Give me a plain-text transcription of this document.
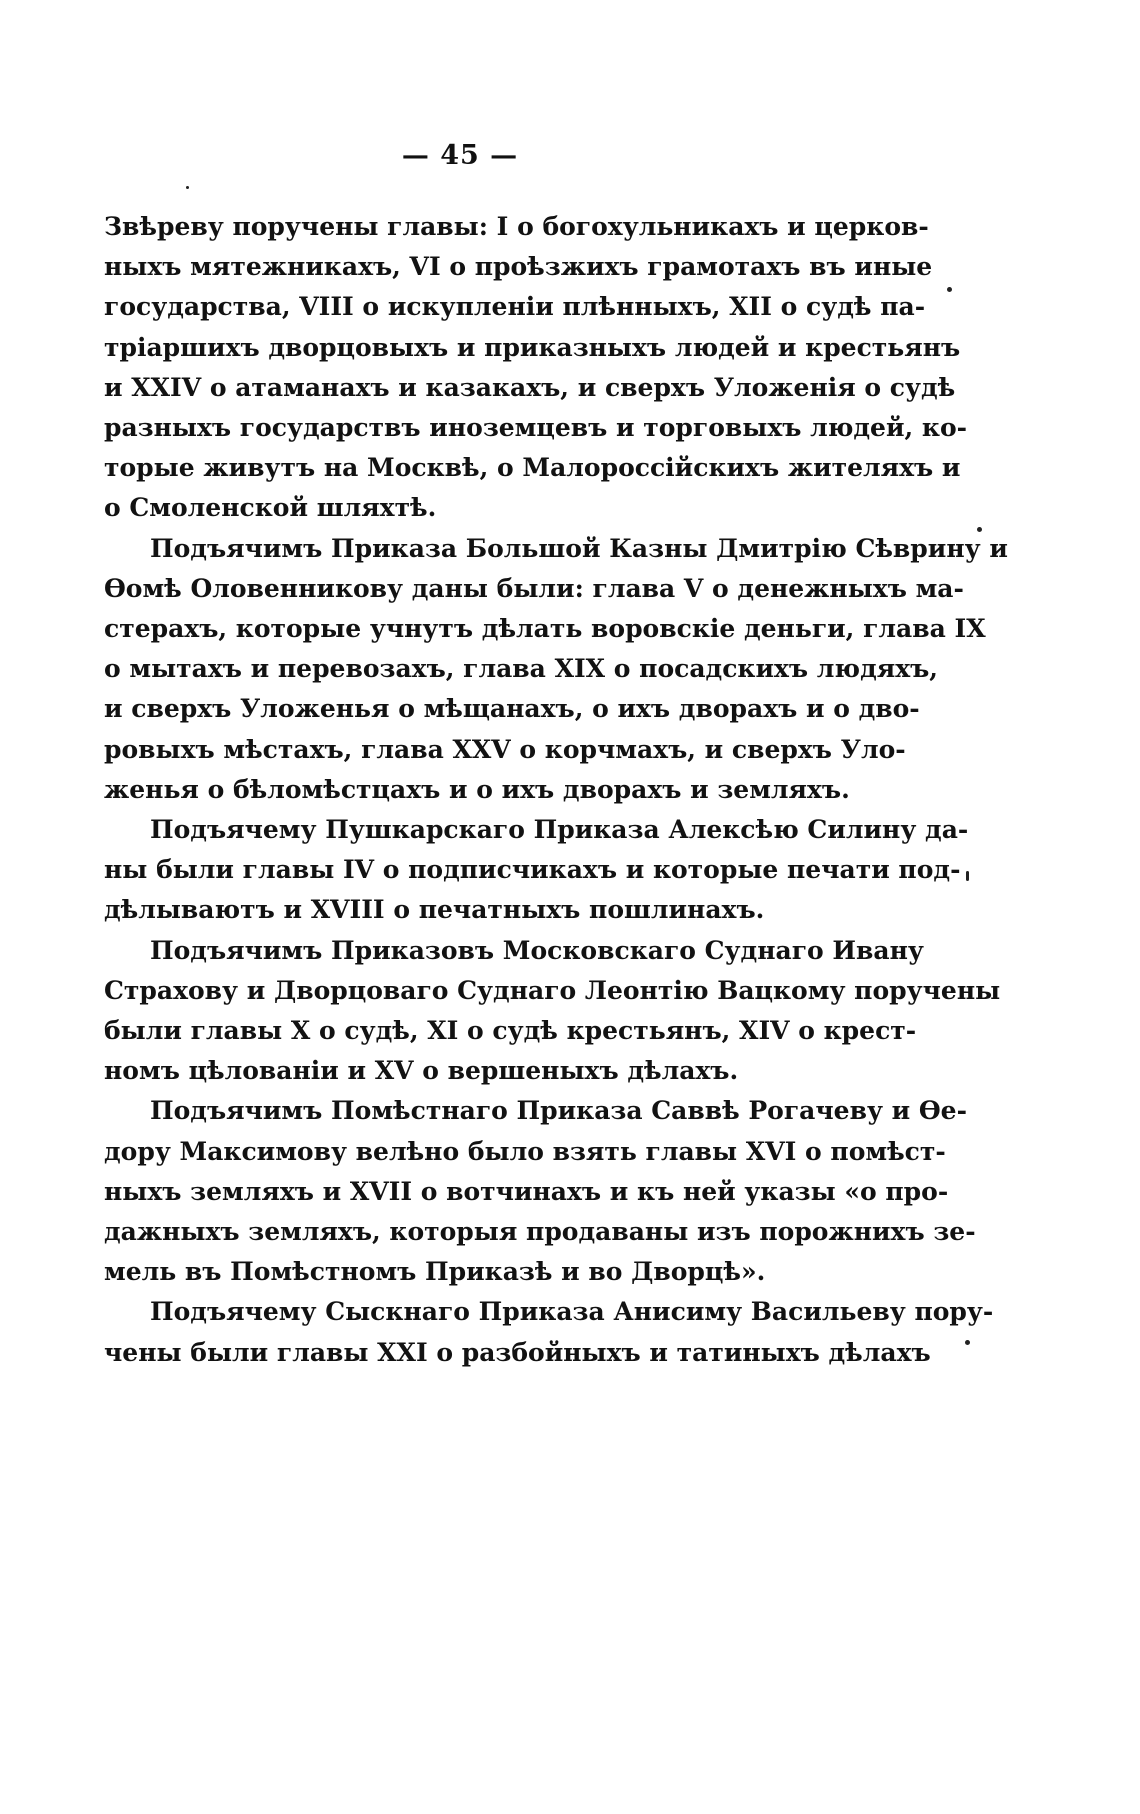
— 45 —

Звѣреву поручены главы: I о богохульникахъ и церков-
ныхъ мятежникахъ, VI о проѣзжихъ грамотахъ въ иные
государства, VIII о искупленіи плѣнныхъ, XII о судѣ па-
тріаршихъ дворцовыхъ и приказныхъ людей и крестьянъ
и XXIV о атаманахъ и казакахъ, и сверхъ Уложенія о судѣ
разныхъ государствъ иноземцевъ и торговыхъ людей, ко-
торые живутъ на Москвѣ, о Малороссійскихъ жителяхъ и
о Смоленской шляхтѣ.

Подъячимъ Приказа Большой Казны Дмитрію Сѣврину и
Ѳомѣ Оловенникову даны были: глава V о денежныхъ ма-
стерахъ, которые учнутъ дѣлать воровскіе деньги, глава IX
о мытахъ и перевозахъ, глава XIX о посадскихъ людяхъ,
и сверхъ Уложенья о мѣщанахъ, о ихъ дворахъ и о дво-
ровыхъ мѣстахъ, глава XXV о корчмахъ, и сверхъ Уло-
женья о бѣломѣстцахъ и о ихъ дворахъ и земляхъ.

Подъячему Пушкарскаго Приказа Алексѣю Силину да-
ны были главы IV о подписчикахъ и которые печати под-
дѣлываютъ и XVIII о печатныхъ пошлинахъ.

Подъячимъ Приказовъ Московскаго Суднаго Ивану
Страхову и Дворцоваго Суднаго Леонтію Вацкому поручены
были главы X о судѣ, XI о судѣ крестьянъ, XIV о крест-
номъ цѣлованіи и XV о вершеныхъ дѣлахъ.

Подъячимъ Помѣстнаго Приказа Саввѣ Рогачеву и Ѳе-
дору Максимову велѣно было взять главы XVI о помѣст-
ныхъ земляхъ и XVII о вотчинахъ и къ ней указы «о про-
дажныхъ земляхъ, которыя продаваны изъ порожнихъ зе-
мель въ Помѣстномъ Приказѣ и во Дворцѣ».

Подъячему Сыскнаго Приказа Анисиму Васильеву пору-
чены были главы XXI о разбойныхъ и татиныхъ дѣлахъ
